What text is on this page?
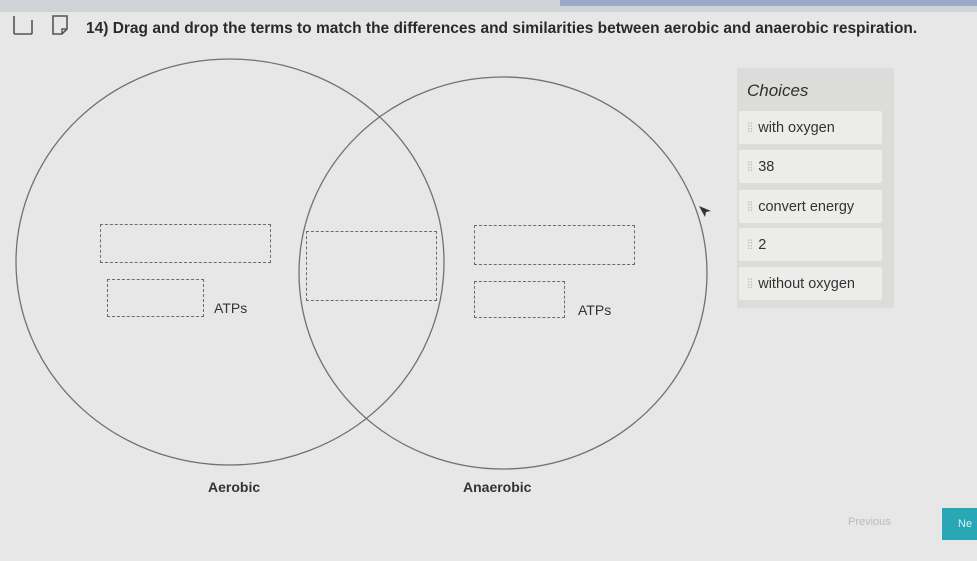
14) Drag and drop the terms to match the differences and similarities between aerobic and anaerobic respiration.
ATPs	ATPs
Aerobic	Anaerobic
Choices
⁞⁞ with oxygen
⁞⁞ 38
⁞⁞ convert energy
⁞⁞ 2
⁞⁞ without oxygen
Previous	Ne
